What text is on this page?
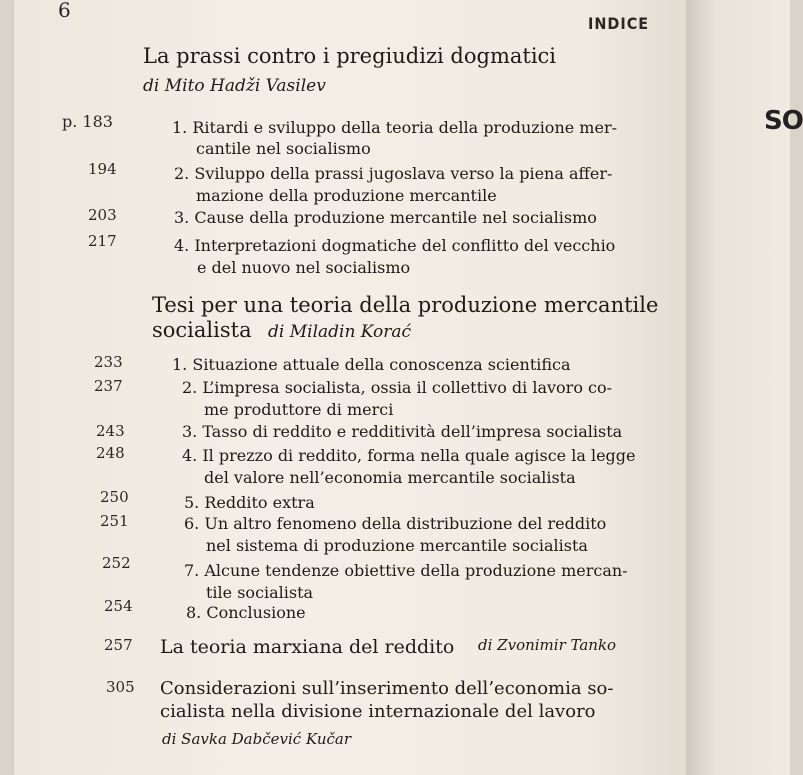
SO
6
INDICE
La prassi contro i pregiudizi dogmatici
di Mito Hadži Vasilev
p. 183	1. Ritardi e sviluppo della teoria della produzione mer-
cantile nel socialismo
194	2. Sviluppo della prassi jugoslava verso la piena affer-
mazione della produzione mercantile
203	3. Cause della produzione mercantile nel socialismo
217	4. Interpretazioni dogmatiche del conflitto del vecchio
e del nuovo nel socialismo
Tesi per una teoria della produzione mercantile
socialista di Miladin Korać
233	1. Situazione attuale della conoscenza scientifica
237	2. L’impresa socialista, ossia il collettivo di lavoro co-
me produttore di merci
243	3. Tasso di reddito e redditività dell’impresa socialista
248	4. Il prezzo di reddito, forma nella quale agisce la legge
del valore nell’economia mercantile socialista
250	5. Reddito extra
251	6. Un altro fenomeno della distribuzione del reddito
nel sistema di produzione mercantile socialista
252	7. Alcune tendenze obiettive della produzione mercan-
tile socialista
254	8. Conclusione
257 La teoria marxiana del reddito di Zvonimir Tanko
305 Considerazioni sull’inserimento dell’economia so-
cialista nella divisione internazionale del lavoro
di Savka Dabčević Kučar
